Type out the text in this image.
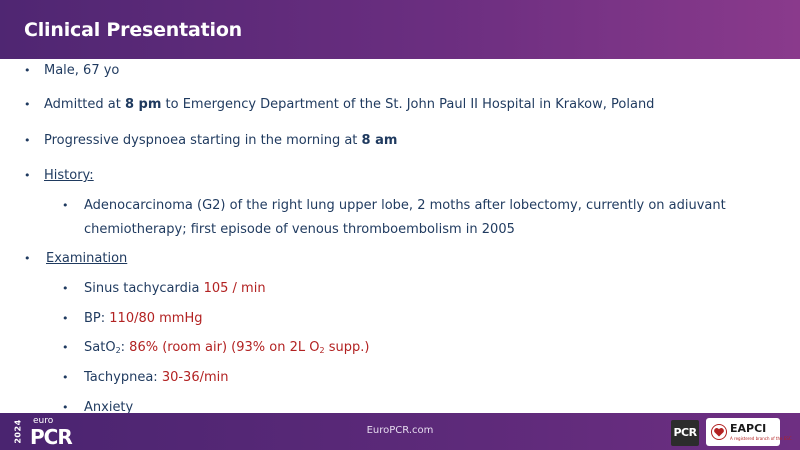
Clinical Presentation
• Male, 67 yo
• Admitted at 8 pm to Emergency Department of the St. John Paul II Hospital in Krakow, Poland
• Progressive dyspnoea starting in the morning at 8 am
• History:
• Adenocarcinoma (G2) of the right lung upper lobe, 2 moths after lobectomy, currently on adiuvant
chemiotherapy; first episode of venous thromboembolism in 2005
• Examination
• Sinus tachycardia 105 / min
• BP: 110/80 mmHg
• SatO$_2$: 86% (room air) (93% on 2L $O_2$ supp.)
• Tachypnea: 30-36/min
• Anxiety
2024 euro
PCR	EuroPCR.com	PCR	EAPCI
A registered branch of the ESC
